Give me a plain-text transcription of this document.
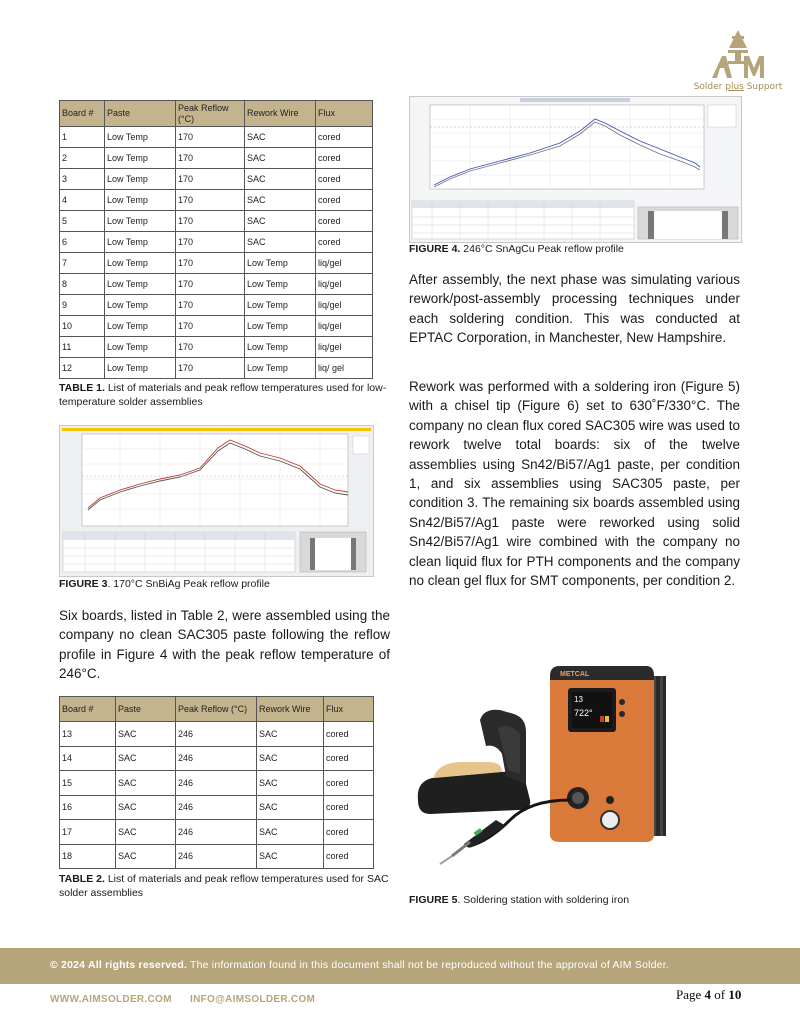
Solder plus Support
Board #	Paste	Peak Reflow (°C)	Rework Wire	Flux
1	Low Temp	170	SAC	cored
2	Low Temp	170	SAC	cored
3	Low Temp	170	SAC	cored
4	Low Temp	170	SAC	cored
5	Low Temp	170	SAC	cored
6	Low Temp	170	SAC	cored
7	Low Temp	170	Low Temp	liq/gel
8	Low Temp	170	Low Temp	liq/gel
9	Low Temp	170	Low Temp	liq/gel
10	Low Temp	170	Low Temp	liq/gel
11	Low Temp	170	Low Temp	liq/gel
12	Low Temp	170	Low Temp	liq/ gel
TABLE 1. List of materials and peak reflow temperatures used for low-temperature solder assemblies
FIGURE 3. 170°C SnBiAg Peak reflow profile
Six boards, listed in Table 2, were assembled using the company no clean SAC305 paste following the reflow profile in Figure 4 with the peak reflow temperature of 246°C.
Board #	Paste	Peak Reflow (°C)	Rework Wire	Flux
13	SAC	246	SAC	cored
14	SAC	246	SAC	cored
15	SAC	246	SAC	cored
16	SAC	246	SAC	cored
17	SAC	246	SAC	cored
18	SAC	246	SAC	cored
TABLE 2. List of materials and peak reflow temperatures used for SAC solder assemblies
FIGURE 4. 246°C SnAgCu Peak reflow profile
After assembly, the next phase was simulating various rework/post-assembly processing techniques under each soldering condition. This was conducted at EPTAC Corporation, in Manchester, New Hampshire.
Rework was performed with a soldering iron (Figure 5) with a chisel tip (Figure 6) set to 630˚F/330°C. The company no clean flux cored SAC305 wire was used to rework twelve total boards: six of the twelve assemblies using Sn42/Bi57/Ag1 paste, per condition 1, and six assemblies using SAC305 paste, per condition 3. The remaining six boards assembled using Sn42/Bi57/Ag1 paste were reworked using solid Sn42/Bi57/Ag1 wire combined with the company no clean liquid flux for PTH components and the company no clean gel flux for SMT components, per condition 2.
METCAL
13
722°
FIGURE 5. Soldering station with soldering iron
© 2024 All rights reserved. The information found in this document shall not be reproduced without the approval of AIM Solder.
WWW.AIMSOLDER.COM INFO@AIMSOLDER.COM	Page 4 of 10
